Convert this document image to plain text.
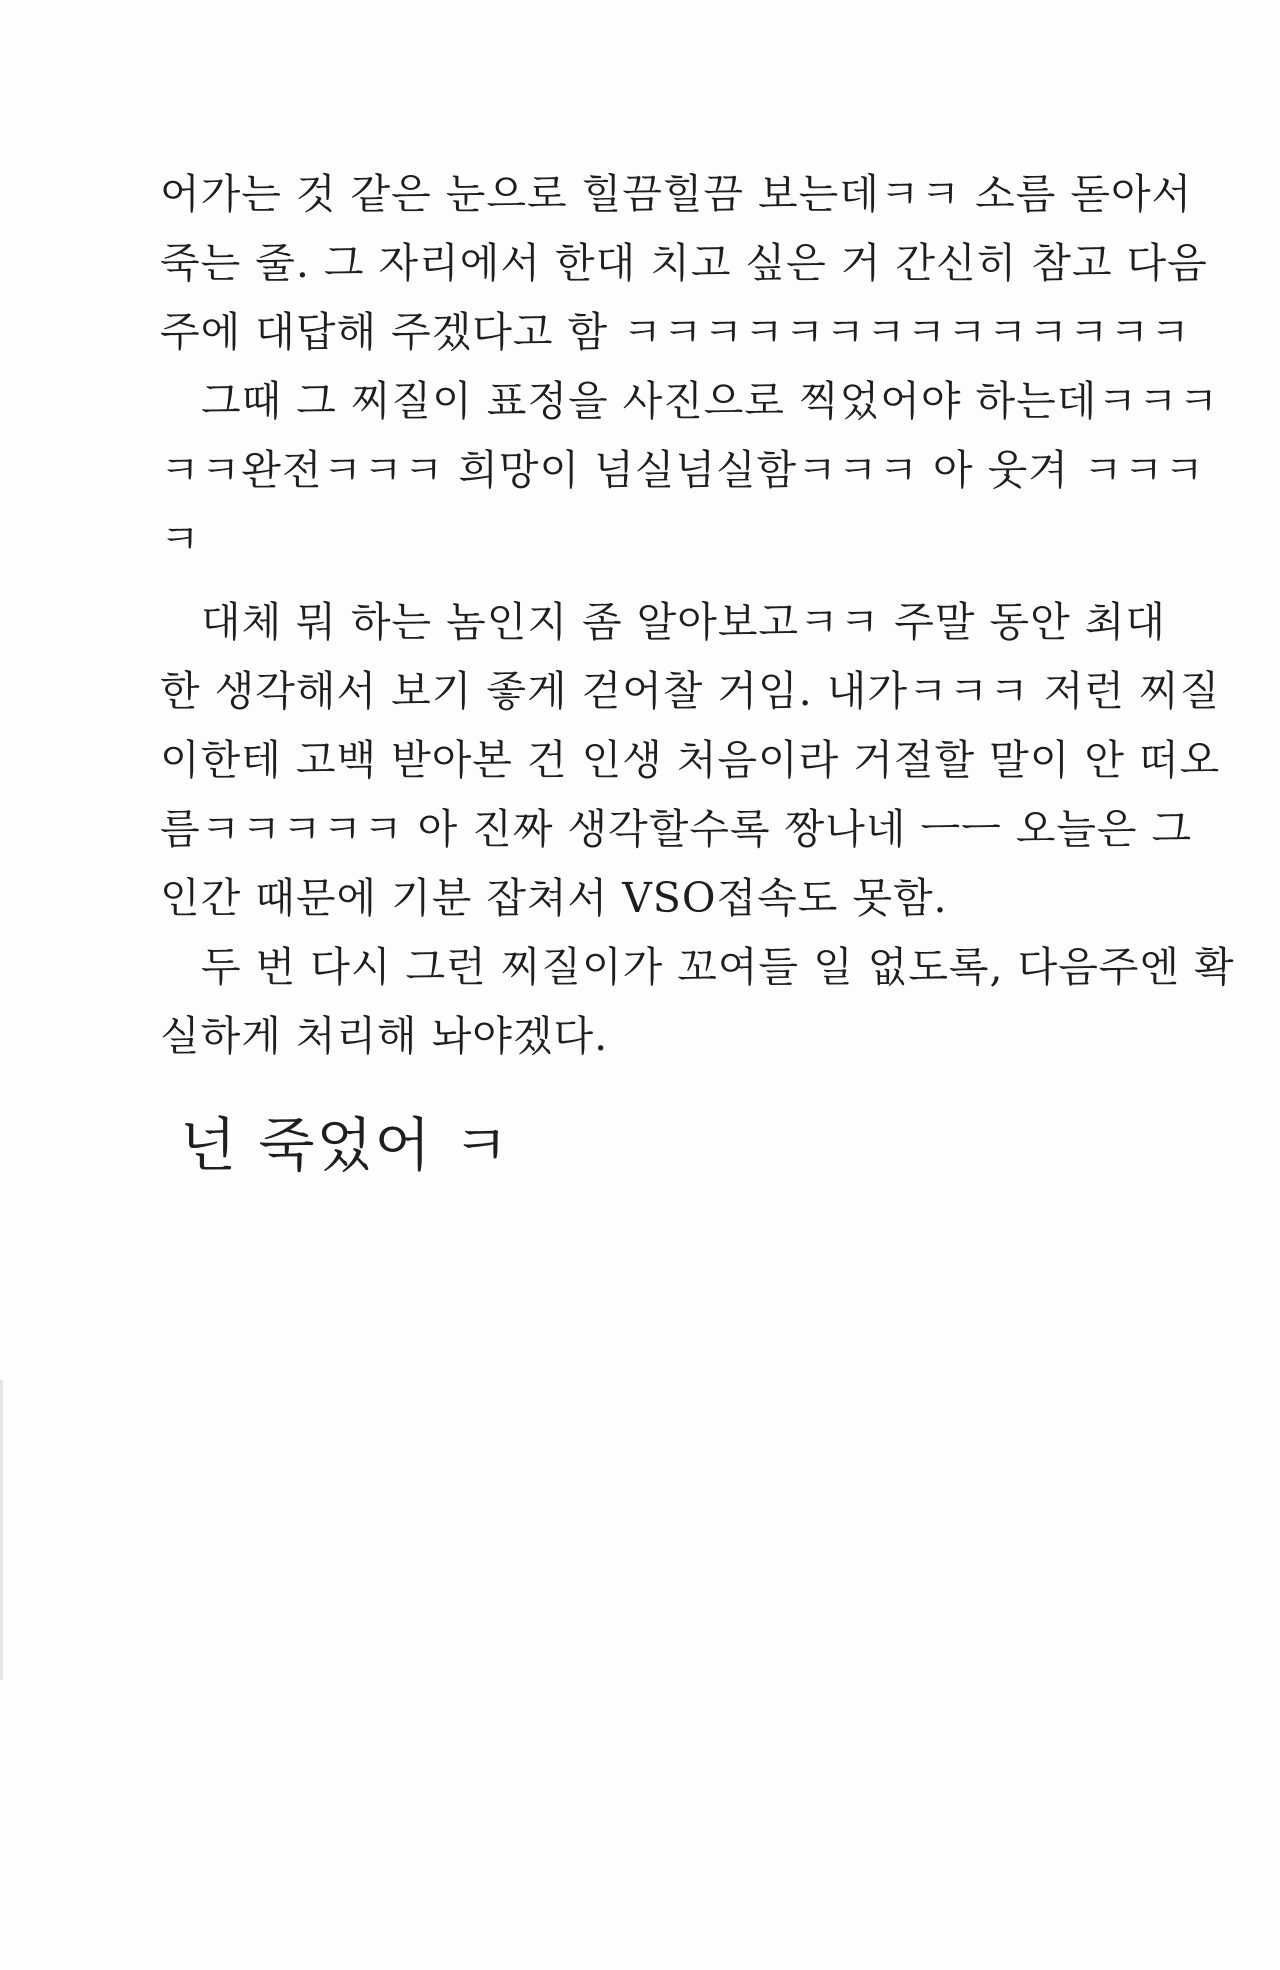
어가는 것 같은 눈으로 힐끔힐끔 보는데ㅋㅋ 소름 돋아서
죽는 줄. 그 자리에서 한대 치고 싶은 거 간신히 참고 다음
주에 대답해 주겠다고 함 ㅋㅋㅋㅋㅋㅋㅋㅋㅋㅋㅋㅋㅋㅋ
그때 그 찌질이 표정을 사진으로 찍었어야 하는데ㅋㅋㅋ
ㅋㅋ완전ㅋㅋㅋ 희망이 넘실넘실함ㅋㅋㅋ 아 웃겨 ㅋㅋㅋ
ㅋ
대체 뭐 하는 놈인지 좀 알아보고ㅋㅋ 주말 동안 최대
한 생각해서 보기 좋게 걷어찰 거임. 내가ㅋㅋㅋ 저런 찌질
이한테 고백 받아본 건 인생 처음이라 거절할 말이 안 떠오
름ㅋㅋㅋㅋㅋ 아 진짜 생각할수록 짱나네 ㅡㅡ 오늘은 그
인간 때문에 기분 잡쳐서 VSO접속도 못함.
두 번 다시 그런 찌질이가 꼬여들 일 없도록, 다음주엔 확
실하게 처리해 놔야겠다.
넌 죽었어 ㅋ
